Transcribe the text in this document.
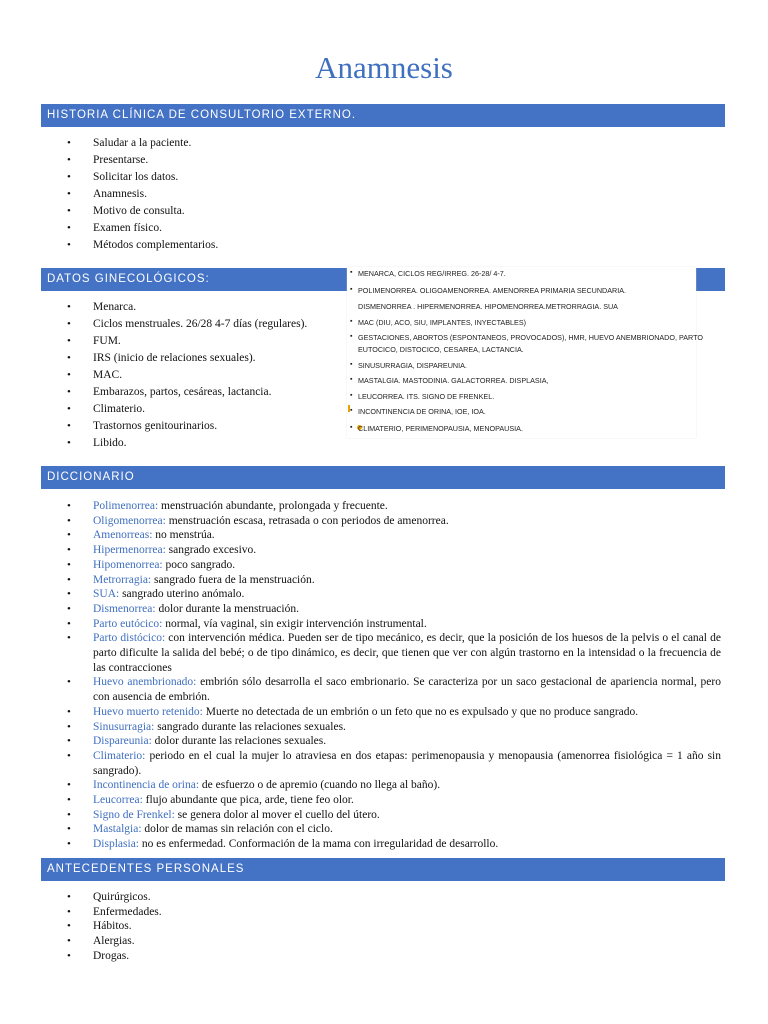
Anamnesis
HISTORIA CLÍNICA DE CONSULTORIO EXTERNO.
• Saludar a la paciente.
• Presentarse.
• Solicitar los datos.
• Anamnesis.
• Motivo de consulta.
• Examen físico.
• Métodos complementarios.
DATOS GINECOLÓGICOS:
• Menarca.
• Ciclos menstruales. 26/28 4-7 días (regulares).
• FUM.
• IRS (inicio de relaciones sexuales).
• MAC.
• Embarazos, partos, cesáreas, lactancia.
• Climaterio.
• Trastornos genitourinarios.
• Libido.
▪ MENARCA, CICLOS REG/IRREG. 26-28/ 4-7.
▪ POLIMENORREA. OLIGOAMENORREA. AMENORREA PRIMARIA SECUNDARIA.
DISMENORREA . HIPERMENORREA. HIPOMENORREA.METRORRAGIA. SUA
▪ MAC (DIU, ACO, SIU, IMPLANTES, INYECTABLES)
▪ GESTACIONES, ABORTOS (ESPONTANEOS, PROVOCADOS), HMR, HUEVO ANEMBRIONADO, PARTO
EUTOCICO, DISTOCICO, CESAREA, LACTANCIA.
▪ SINUSURRAGIA, DISPAREUNIA.
▪ MASTALGIA. MASTODINIA. GALACTORREA. DISPLASIA,
▪ LEUCORREA. ITS. SIGNO DE FRENKEL.
▪ INCONTINENCIA DE ORINA, IOE, IOA.
▪ CLIMATERIO, PERIMENOPAUSIA, MENOPAUSIA.
DICCIONARIO
• Polimenorrea: menstruación abundante, prolongada y frecuente.
• Oligomenorrea: menstruación escasa, retrasada o con periodos de amenorrea.
• Amenorreas: no menstrúa.
• Hipermenorrea: sangrado excesivo.
• Hipomenorrea: poco sangrado.
• Metrorragia: sangrado fuera de la menstruación.
• SUA: sangrado uterino anómalo.
• Dismenorrea: dolor durante la menstruación.
• Parto eutócico: normal, vía vaginal, sin exigir intervención instrumental.
• Parto distócico: con intervención médica. Pueden ser de tipo mecánico, es decir, que la posición de los huesos de la pelvis o el canal de parto dificulte la salida del bebé; o de tipo dinámico, es decir, que tienen que ver con algún trastorno en la intensidad o la frecuencia de las contracciones
• Huevo anembrionado: embrión sólo desarrolla el saco embrionario. Se caracteriza por un saco gestacional de apariencia normal, pero con ausencia de embrión.
• Huevo muerto retenido: Muerte no detectada de un embrión o un feto que no es expulsado y que no produce sangrado.
• Sinusurragia: sangrado durante las relaciones sexuales.
• Dispareunia: dolor durante las relaciones sexuales.
• Climaterio: periodo en el cual la mujer lo atraviesa en dos etapas: perimenopausia y menopausia (amenorrea fisiológica = 1 año sin sangrado).
• Incontinencia de orina: de esfuerzo o de apremio (cuando no llega al baño).
• Leucorrea: flujo abundante que pica, arde, tiene feo olor.
• Signo de Frenkel: se genera dolor al mover el cuello del útero.
• Mastalgia: dolor de mamas sin relación con el ciclo.
• Displasia: no es enfermedad. Conformación de la mama con irregularidad de desarrollo.
ANTECEDENTES PERSONALES
• Quirúrgicos.
• Enfermedades.
• Hábitos.
• Alergias.
• Drogas.
